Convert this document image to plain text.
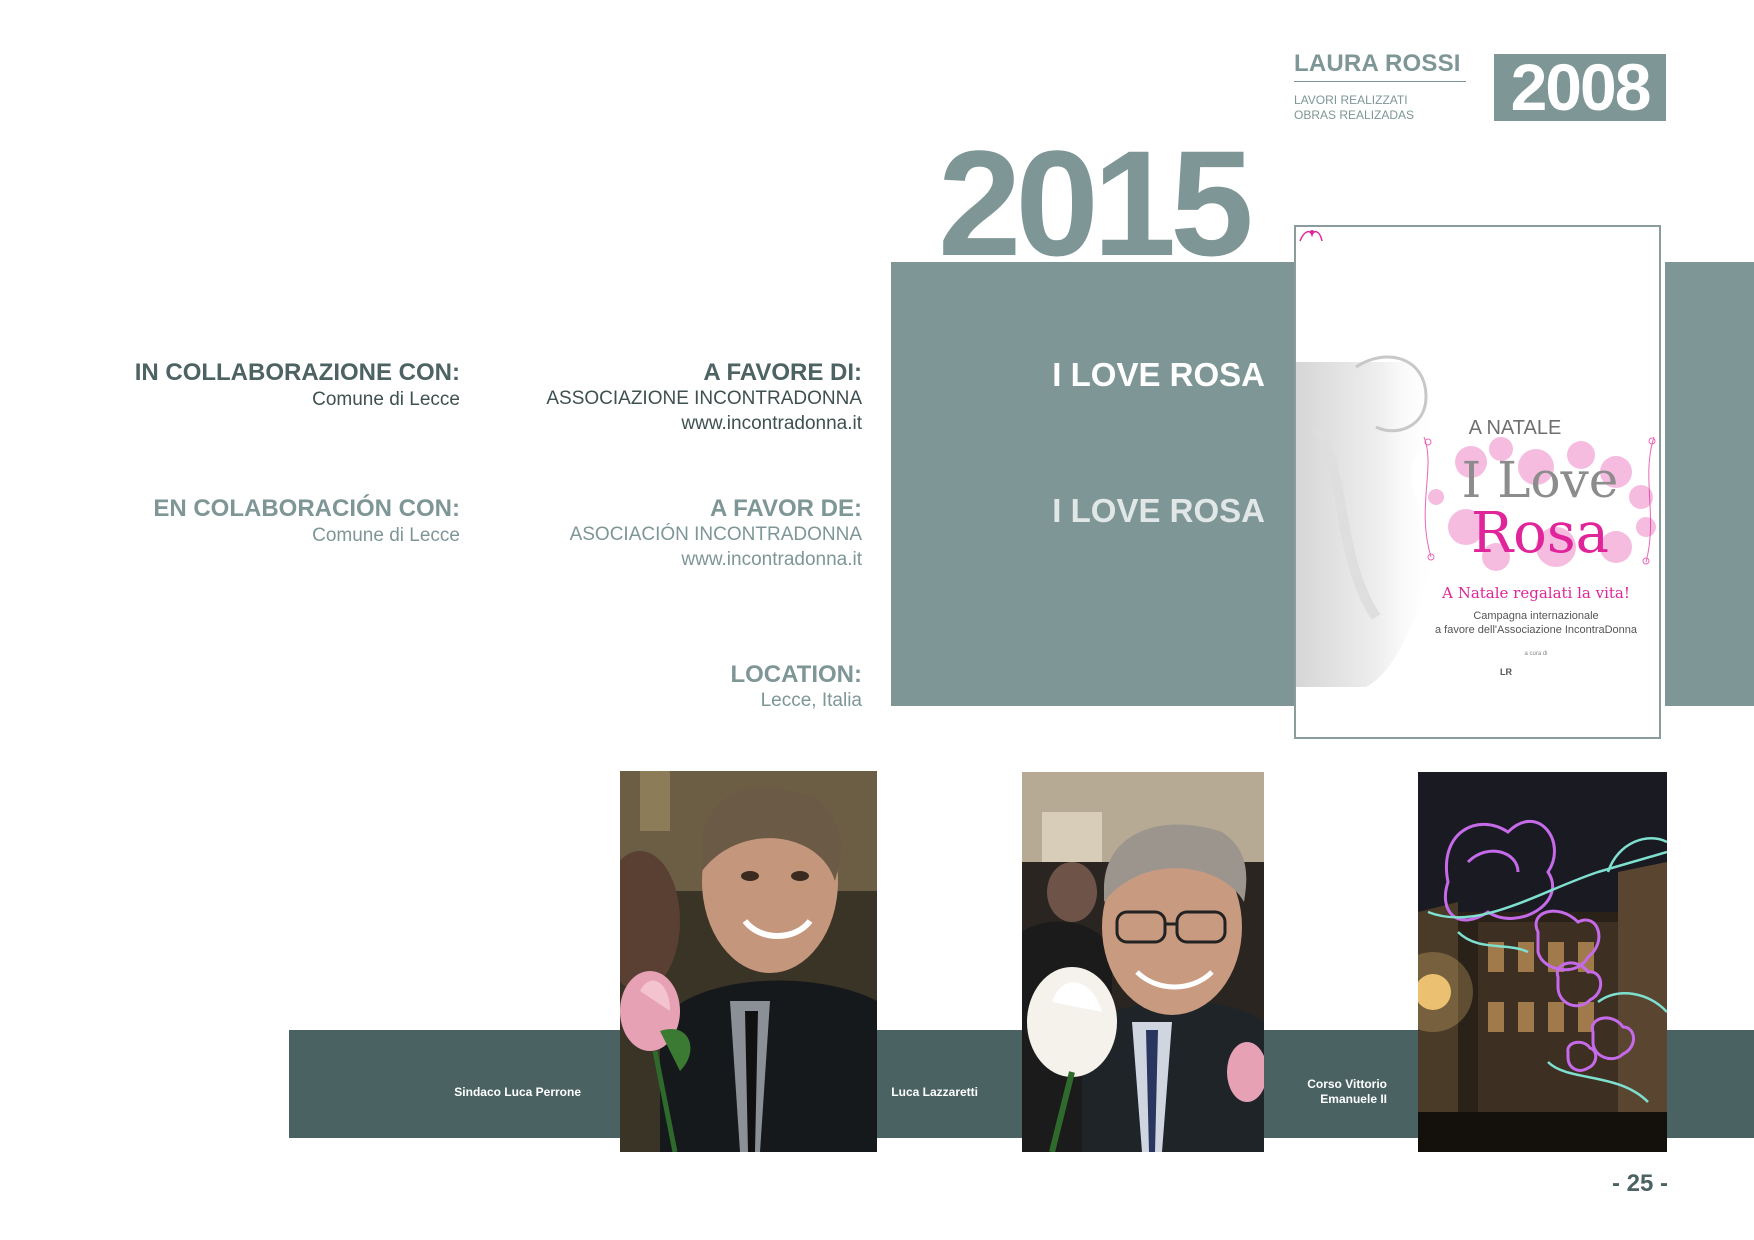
LAURA ROSSI
LAVORI REALIZZATI
OBRAS REALIZADAS 2008
2015
I LOVE ROSA
I LOVE ROSA
A NATALE
I Love
Rosa
A Natale regalati la vita!
Campagna internazionale
a favore dell'Associazione IncontraDonna
a cura di
LR
IN COLLABORAZIONE CON:
Comune di Lecce
EN COLABORACIÓN CON:
Comune di Lecce
A FAVORE DI:
ASSOCIAZIONE INCONTRADONNA
www.incontradonna.it
A FAVOR DE:
ASOCIACIÓN INCONTRADONNA
www.incontradonna.it
LOCATION:
Lecce, Italia
Sindaco Luca Perrone	Luca Lazzaretti
Corso Vittorio
Emanuele II
- 25 -
